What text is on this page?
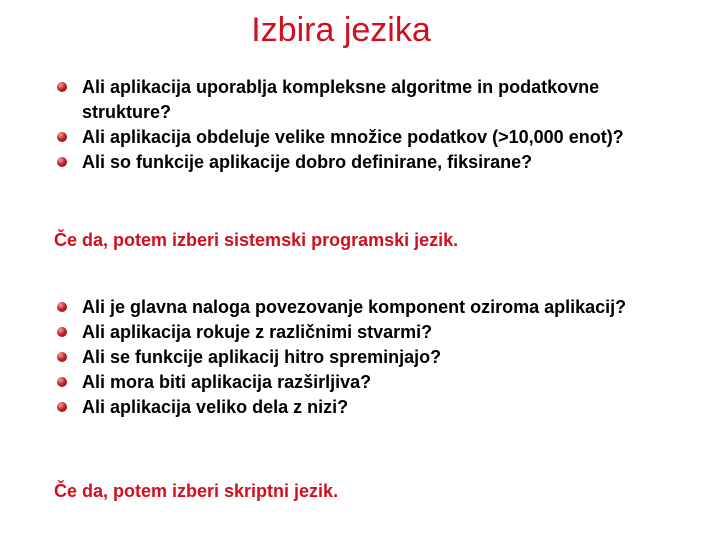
Izbira jezika
Ali aplikacija uporablja kompleksne algoritme in podatkovne strukture?
Ali aplikacija obdeluje velike množice podatkov (>10,000 enot)?
Ali so funkcije aplikacije dobro definirane, fiksirane?
Če da, potem izberi sistemski programski jezik.
Ali je glavna naloga povezovanje komponent oziroma aplikacij?
Ali aplikacija rokuje z različnimi stvarmi?
Ali se funkcije aplikacij hitro spreminjajo?
Ali mora biti aplikacija razširljiva?
Ali aplikacija veliko dela z nizi?
Če da, potem izberi skriptni jezik.
